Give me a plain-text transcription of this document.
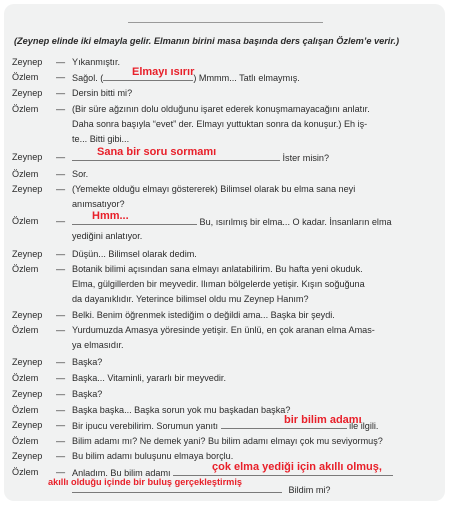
(Zeynep elinde iki elmayla gelir. Elmanın birini masa başında ders çalışan Özlem’e verir.)
Zeynep	— Yıkanmıştır.
Özlem	— Sağol. (	) Mmmm... Tatlı elmaymış.
Elmayı ısırır
Zeynep	— Dersin bitti mi?
Özlem	— (Bir süre ağzının dolu olduğunu işaret ederek konuşmamayacağını anlatır.
Daha sonra başıyla “evet” der. Elmayı yuttuktan sonra da konuşur.) Eh iş-
te... Bitti gibi...
Zeynep	—	İster misin?
Sana bir soru sormamı
Özlem	— Sor.
Zeynep	— (Yemekte olduğu elmayı göstererek) Bilimsel olarak bu elma sana neyi
anımsatıyor?
Özlem	—	Bu, ısırılmış bir elma... O kadar. İnsanların elma
Hmm...
yediğini anlatıyor.
Zeynep	— Düşün... Bilimsel olarak dedim.
Özlem	— Botanik bilimi açısından sana elmayı anlatabilirim. Bu hafta yeni okuduk.
Elma, gülgillerden bir meyvedir. Ilıman bölgelerde yetişir. Kışın soğuğuna
da dayanıklıdır. Yeterince bilimsel oldu mu Zeynep Hanım?
Zeynep	— Belki. Benim öğrenmek istediğim o değildi ama... Başka bir şeydi.
Özlem	— Yurdumuzda Amasya yöresinde yetişir. En ünlü, en çok aranan elma Amas-
ya elmasıdır.
Zeynep	— Başka?
Özlem	— Başka... Vitaminli, yararlı bir meyvedir.
Zeynep	— Başka?
Özlem	— Başka başka... Başka sorun yok mu başkadan başka?
Zeynep	— Bir ipucu verebilirim. Sorumun yanıtı	ile ilgili.
bir bilim adamı
Özlem	— Bilim adamı mı? Ne demek yani? Bu bilim adamı elmayı çok mu seviyormuş?
Zeynep	— Bu bilim adamı buluşunu elmaya borçlu.
Özlem	— Anladım. Bu bilim adamı	çok elma yediği için akıllı olmuş,
Bildim mi?
akıllı olduğu içinde bir buluş gerçekleştirmiş
